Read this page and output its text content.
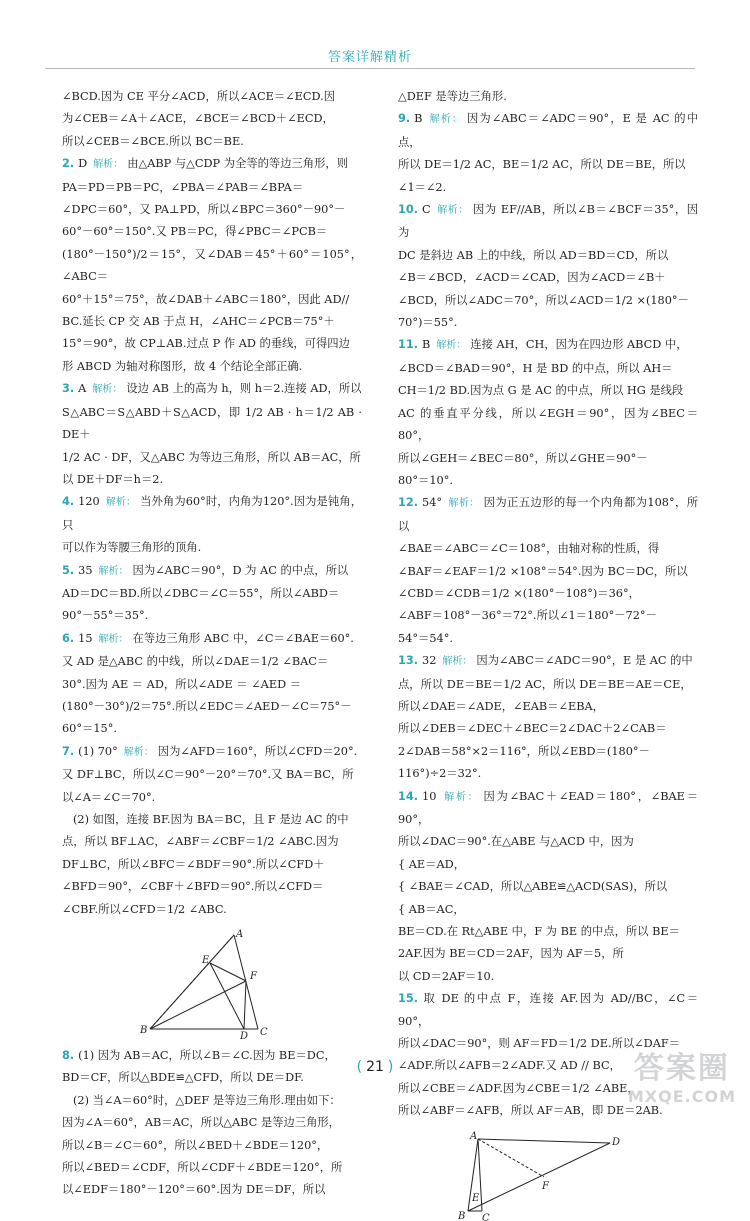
答案详解精析

∠BCD.因为 CE 平分∠ACD，所以∠ACE＝∠ECD.因

为∠CEB＝∠A＋∠ACE，∠BCE＝∠BCD＋∠ECD，

所以∠CEB＝∠BCE.所以 BC＝BE.

2. D 解析： 由△ABP 与△CDP 为全等的等边三角形，则

PA＝PD＝PB＝PC，∠PBA＝∠PAB＝∠BPA＝

∠DPC＝60°，又 PA⊥PD，所以∠BPC＝360°－90°－

60°－60°＝150°.又 PB＝PC，得∠PBC＝∠PCB＝

(180°－150°)/2＝15°，又∠DAB＝45°＋60°＝105°，∠ABC＝

60°＋15°＝75°，故∠DAB＋∠ABC＝180°，因此 AD//

BC.延长 CP 交 AB 于点 H，∠AHC＝∠PCB＝75°＋

15°＝90°，故 CP⊥AB.过点 P 作 AD 的垂线，可得四边

形 ABCD 为轴对称图形，故 4 个结论全部正确.

3. A 解析： 设边 AB 上的高为 h，则 h＝2.连接 AD，所以

S△ABC＝S△ABD＋S△ACD，即 1/2 AB · h＝1/2 AB · DE＋

1/2 AC · DF，又△ABC 为等边三角形，所以 AB＝AC，所

以 DE＋DF＝h＝2.

4. 120 解析： 当外角为60°时，内角为120°.因为是钝角，只

可以作为等腰三角形的顶角.

5. 35 解析： 因为∠ABC＝90°，D 为 AC 的中点，所以

AD＝DC＝BD.所以∠DBC＝∠C＝55°，所以∠ABD＝

90°－55°＝35°.

6. 15 解析： 在等边三角形 ABC 中，∠C＝∠BAE＝60°.

又 AD 是△ABC 的中线，所以∠DAE＝1/2 ∠BAC＝

30°.因为 AE ＝ AD，所以∠ADE ＝ ∠AED ＝

(180°－30°)/2＝75°.所以∠EDC＝∠AED－∠C＝75°－

60°＝15°.

7. (1) 70° 解析： 因为∠AFD＝160°，所以∠CFD＝20°.

又 DF⊥BC，所以∠C＝90°－20°＝70°.又 BA＝BC，所

以∠A＝∠C＝70°.

(2) 如图，连接 BF.因为 BA＝BC，且 F 是边 AC 的中

点，所以 BF⊥AC，∠ABF＝∠CBF＝1/2 ∠ABC.因为

DF⊥BC，所以∠BFC＝∠BDF＝90°.所以∠CFD＋

∠BFD＝90°，∠CBF＋∠BFD＝90°.所以∠CFD＝

∠CBF.所以∠CFD＝1/2 ∠ABC.

A
F
E
B
D C

8. (1) 因为 AB＝AC，所以∠B＝∠C.因为 BE＝DC，

BD＝CF，所以△BDE≌△CFD，所以 DE＝DF.

(2) 当∠A＝60°时，△DEF 是等边三角形.理由如下：

因为∠A＝60°，AB＝AC，所以△ABC 是等边三角形，

所以∠B＝∠C＝60°，所以∠BED＋∠BDE＝120°，

所以∠BED＝∠CDF，所以∠CDF＋∠BDE＝120°，所

以∠EDF＝180°－120°＝60°.因为 DE＝DF，所以

△DEF 是等边三角形.

9. B 解析： 因为∠ABC＝∠ADC＝90°，E 是 AC 的中点，

所以 DE＝1/2 AC，BE＝1/2 AC，所以 DE＝BE，所以

∠1＝∠2.

10. C 解析： 因为 EF//AB，所以∠B＝∠BCF＝35°，因为

DC 是斜边 AB 上的中线，所以 AD＝BD＝CD，所以

∠B＝∠BCD，∠ACD＝∠CAD，因为∠ACD＝∠B＋

∠BCD，所以∠ADC＝70°，所以∠ACD＝1/2 ×(180°－

70°)＝55°.

11. B 解析： 连接 AH，CH，因为在四边形 ABCD 中，

∠BCD＝∠BAD＝90°，H 是 BD 的中点，所以 AH＝

CH＝1/2 BD.因为点 G 是 AC 的中点，所以 HG 是线段

AC 的垂直平分线，所以∠EGH＝90°，因为∠BEC＝80°，

所以∠GEH＝∠BEC＝80°，所以∠GHE＝90°－

80°＝10°.

12. 54° 解析： 因为正五边形的每一个内角都为108°，所以

∠BAE＝∠ABC＝∠C＝108°，由轴对称的性质，得

∠BAF＝∠EAF＝1/2 ×108°＝54°.因为 BC＝DC，所以

∠CBD＝∠CDB＝1/2 ×(180°－108°)＝36°，

∠ABF＝108°－36°＝72°.所以∠1＝180°－72°－

54°＝54°.

13. 32 解析： 因为∠ABC＝∠ADC＝90°，E 是 AC 的中

点，所以 DE＝BE＝1/2 AC，所以 DE＝BE＝AE＝CE，

所以∠DAE＝∠ADE，∠EAB＝∠EBA，

所以∠DEB＝∠DEC＋∠BEC＝2∠DAC＋2∠CAB＝

2∠DAB＝58°×2＝116°，所以∠EBD＝(180°－

116°)÷2＝32°.

14. 10 解析： 因为∠BAC＋∠EAD＝180°，∠BAE＝90°，

所以∠DAC＝90°.在△ABE 与△ACD 中，因为

{ AE＝AD，

{ ∠BAE＝∠CAD，所以△ABE≌△ACD(SAS)，所以

{ AB＝AC，

BE＝CD.在 Rt△ABE 中，F 为 BE 的中点，所以 BE＝

2AF.因为 BE＝CD＝2AF，因为 AF＝5，所

以 CD＝2AF＝10.

15. 取 DE 的中点 F，连接 AF.因为 AD//BC，∠C＝90°，

所以∠DAC＝90°，则 AF＝FD＝1/2 DE.所以∠DAF＝

∠ADF.所以∠AFB＝2∠ADF.又 AD // BC，

所以∠CBE＝∠ADF.因为∠CBE＝1/2 ∠ABE，

所以∠ABF＝∠AFB，所以 AF＝AB，即 DE＝2AB.

A
D
F
E
B C
( 21 )	答案圈
MXQE.COM
